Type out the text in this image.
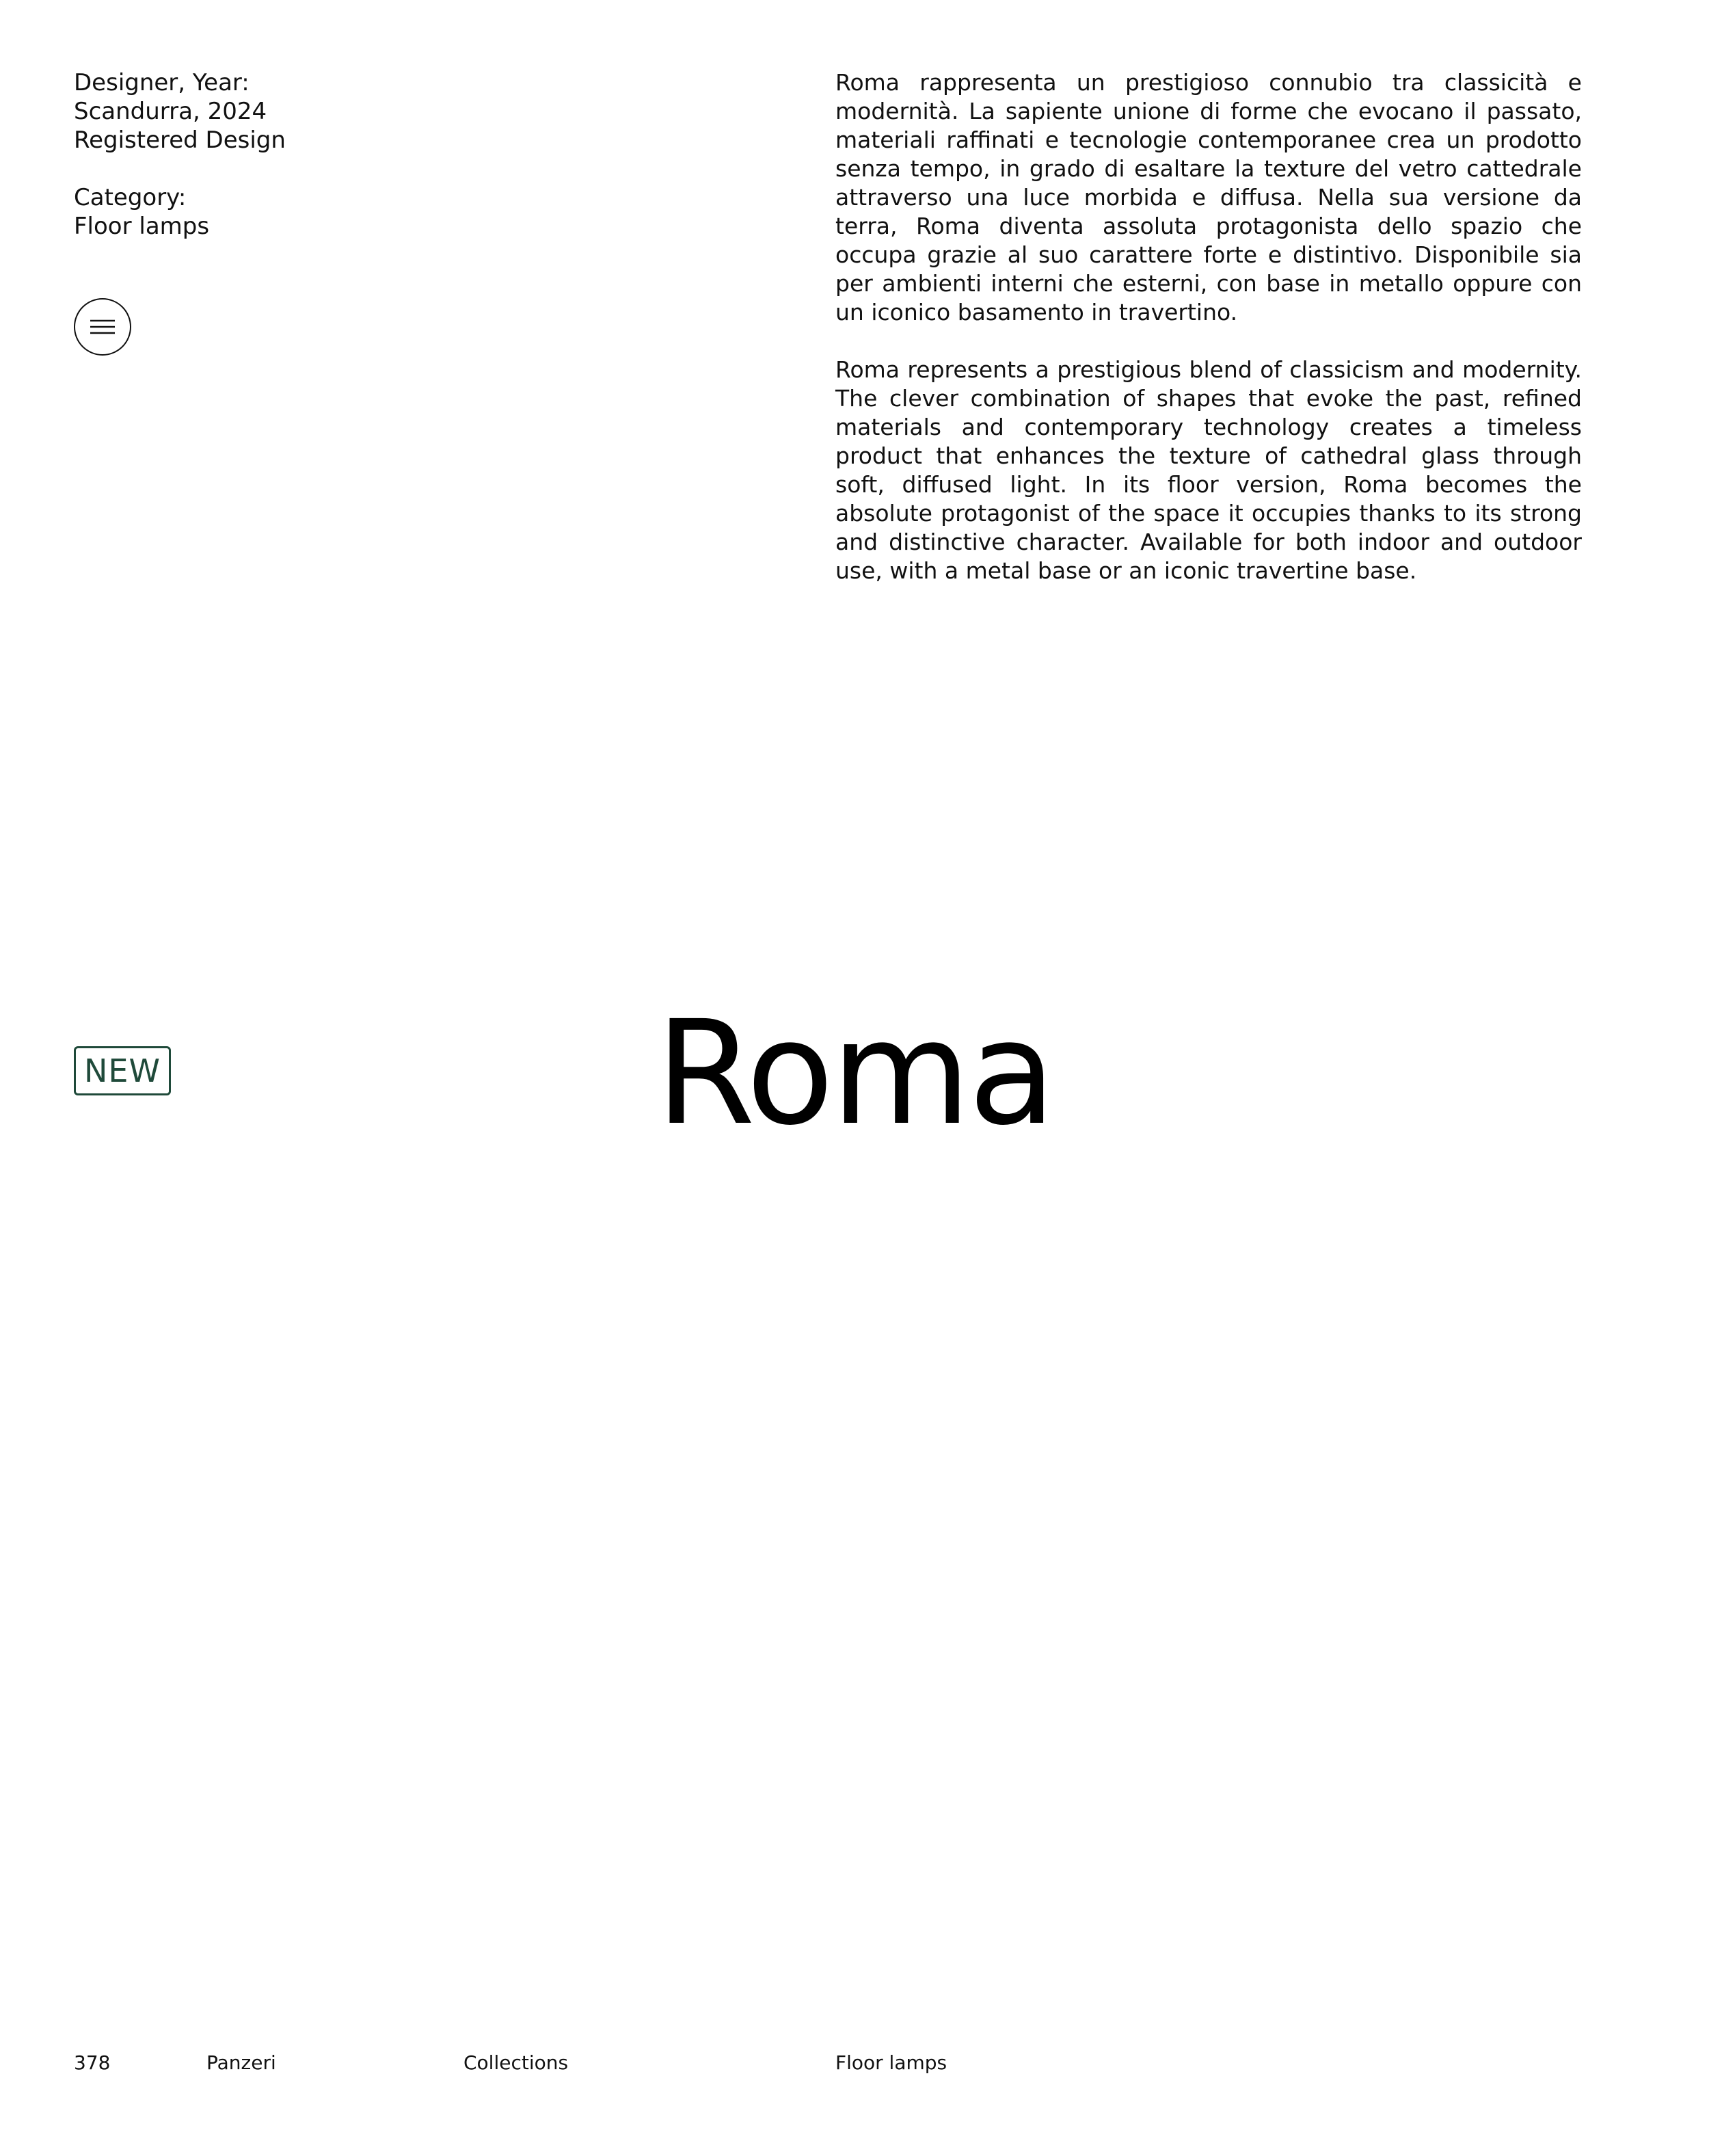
Designer, Year:
Scandurra, 2024
Registered Design
Category:
Floor lamps

Roma rappresenta un prestigioso connubio tra classicità e modernità. La sapiente unione di forme che evocano il passato, materiali raffinati e tecnologie contemporanee crea un prodotto senza tempo, in grado di esaltare la texture del vetro cattedrale attraverso una luce morbida e diffusa. Nella sua versione da terra, Roma diventa assoluta protagonista dello spazio che occupa grazie al suo carattere forte e distintivo. Disponibile sia per ambienti interni che esterni, con base in metallo oppure con un iconico basamento in travertino.

Roma represents a prestigious blend of classicism and modernity. The clever combination of shapes that evoke the past, refined materials and contemporary technology creates a timeless product that enhances the texture of cathedral glass through soft, diffused light. In its floor version, Roma becomes the absolute protagonist of the space it occupies thanks to its strong and distinctive character. Available for both indoor and outdoor use, with a metal base or an iconic travertine base.

NEW	Roma
378	Panzeri	Collections	Floor lamps
